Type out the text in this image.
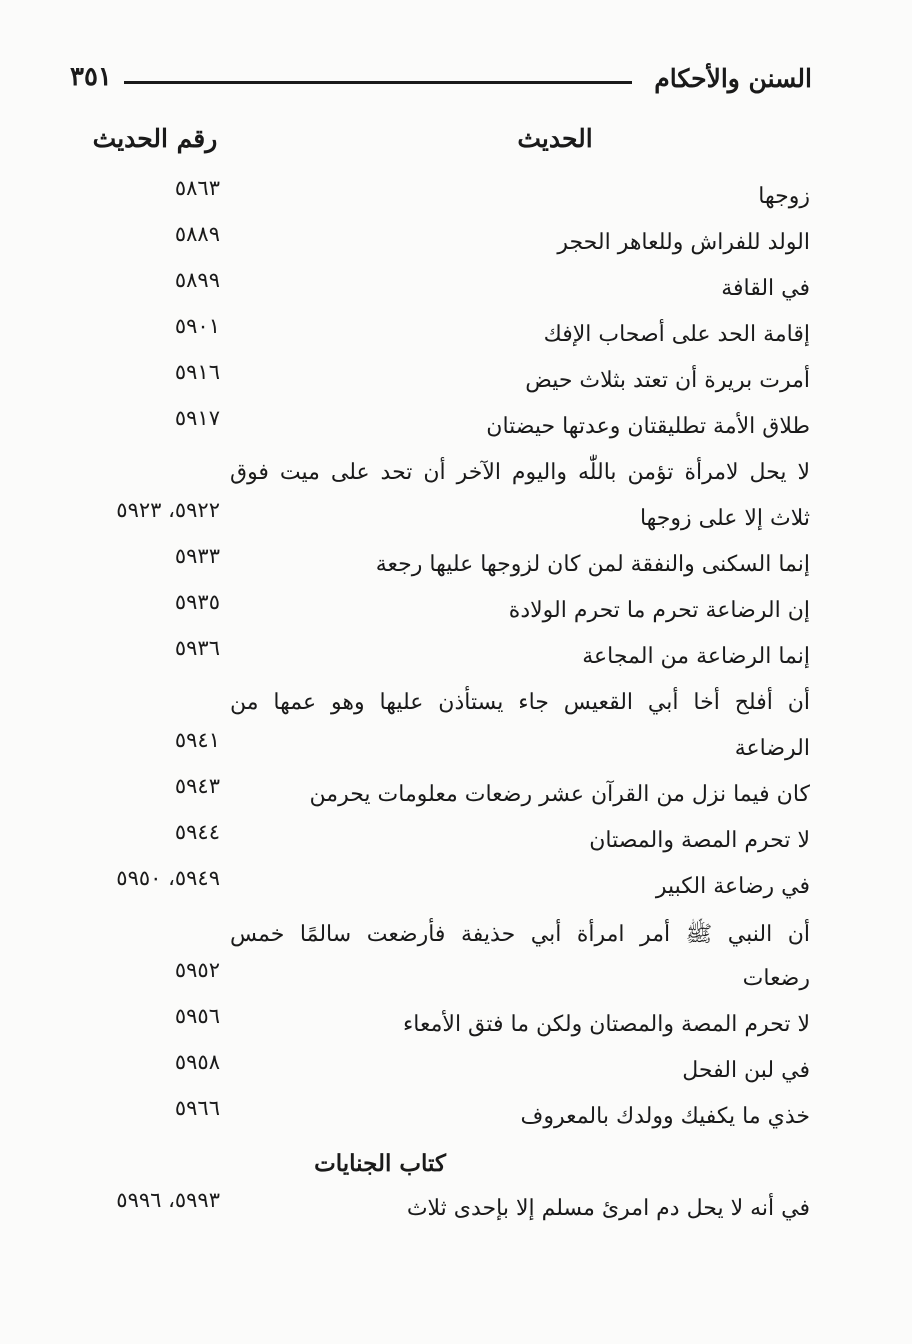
السنن والأحكام
٣٥١
الحديث
رقم الحديث
زوجها
٥٨٦٣
الولد للفراش وللعاهر الحجر
٥٨٨٩
في القافة
٥٨٩٩
إقامة الحد على أصحاب الإفك
٥٩٠١
أمرت بريرة أن تعتد بثلاث حيض
٥٩١٦
طلاق الأمة تطليقتان وعدتها حيضتان
٥٩١٧
لا يحل لامرأة تؤمن باللّٰه واليوم الآخر أن تحد على ميت فوق
ثلاث إلا على زوجها
٥٩٢٢، ٥٩٢٣
إنما السكنى والنفقة لمن كان لزوجها عليها رجعة
٥٩٣٣
إن الرضاعة تحرم ما تحرم الولادة
٥٩٣٥
إنما الرضاعة من المجاعة
٥٩٣٦
أن أفلح أخا أبي القعيس جاء يستأذن عليها وهو عمها من
الرضاعة
٥٩٤١
كان فيما نزل من القرآن عشر رضعات معلومات يحرمن
٥٩٤٣
لا تحرم المصة والمصتان
٥٩٤٤
في رضاعة الكبير
٥٩٤٩، ٥٩٥٠
أن النبي ﷺ أمر امرأة أبي حذيفة فأرضعت سالمًا خمس
رضعات
٥٩٥٢
لا تحرم المصة والمصتان ولكن ما فتق الأمعاء
٥٩٥٦
في لبن الفحل
٥٩٥٨
خذي ما يكفيك وولدك بالمعروف
٥٩٦٦
كتاب الجنايات
في أنه لا يحل دم امرئ مسلم إلا بإحدى ثلاث
٥٩٩٣، ٥٩٩٦
